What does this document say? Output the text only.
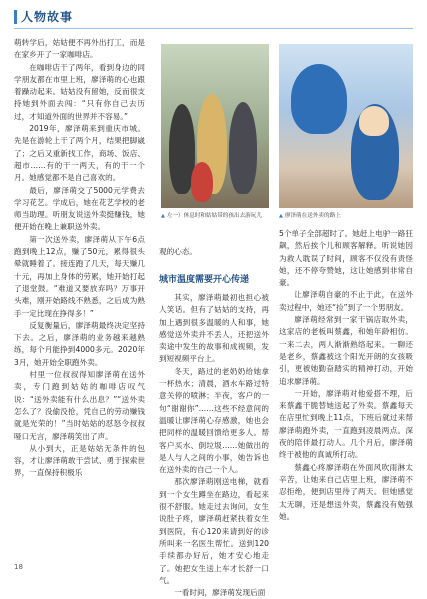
人物故事

萌转学后，姑姑便不再外出打工，而是在家乡开了一家咖啡店。

在咖啡店干了两年，看到身边的同学朋友都在市里上班，廖泽萌的心也跟着躁动起来。姑姑没有留她，反而很支持她到外面去闯：“只有你自己去历过，才知道外面的世界并不容易。”

2019年，廖泽萌来到重庆市城。先是在游轮上干了两个月，结果把脚崴了；之后又重新找工作，商场、饭店、超市……有的干一两天，有的干一个月。她感觉都不是自己喜欢的。

最后，廖泽萌交了5000元学费去学习花艺。学成后，她在花艺学校的老师当助理。听朋友说送外卖挺赚钱，她便开始在晚上兼职送外卖。

第一次送外卖，廖泽萌从下午6点跑到晚上12点，赚了50元，累得很头晕就睡着了。接连跑了几天，每天赚几十元，再加上身体的劳累，她开始打起了退堂鼓。“难道又要放弃吗？万事开头难，刚开始路线不熟悉，之后成为熟手一定比现在挣得多！”

反复衡量后，廖泽萌最终决定坚持下去。之后，廖泽萌的业务越来越熟练，每个月能挣到4000多元。2020年3月，她开始全职跑外卖。

村里一位叔叔得知廖泽萌在送外卖，专门跑到姑姑的咖啡店叹气说：“送外卖能有什么出息？”“送外卖怎么了？没偷没抢，凭自己的劳动赚钱就是光荣的！”当时姑姑的怼怒令叔叔哑口无言，廖泽萌笑出了声。

从小到大，正是姑姑无条件的包容，才让廖泽萌敢于尝试、勇于探索世界，一直保持积极乐

▲ 左一）休息时和姑姑带的孩出去游玩儿	▲ 廖泽萌在送外卖的路上

观的心态。

城市温度需要开心传递

其实，廖泽萌最初也担心被人笑话。但有了姑姑的支持，再加上遇到很多温暖的人和事，她感觉送外卖并不丢人，还把送外卖途中发生的故事和成视频，发到短视频平台上。

冬天，路过的老奶奶给她拿一杯热水；清晨，酒水车路过特意关停的喷淋；半夜，客户的一句“谢谢你”……这些不经意间的温暖让廖泽萌心存感激，她也会把同样的温暖回馈给更多人。帮客户买水、倒垃圾……她做出的是人与人之间的小事，她告诉也在送外卖的自己一个人。

那次廖泽萌刚送电梯，就看到一个女生蹲坐在路边，看起来很不舒服。她走过去询问，女生说肚子疼，廖泽萌赶紧扶着女生到医院，有心120来请到好的诊所叫来一名医生帮忙。送到120手续都办好后，她才安心地走了。她把女生送上车才长舒一口气。

一看时间，廖泽萌发现后面

5个单子全部超时了。她赶上电驴一路狂飙，然后挨个儿和顾客解释。听说她因为救人耽误了时间，顾客不仅没有责怪她，还不停夸赞她，这让她感到非常自豪。

让廖泽萌自豪的不止于此，在送外卖过程中，她还“捡”到了一个男朋友。

廖泽萌经常到一家干锅店取外卖，这家店的老板叫蔡鑫，和她年龄相仿。一来二去，两人渐渐熟络起来。一聊还是老乡，蔡鑫被这个阳光开朗的女孩吸引，更被她勤奋踏实的精神打动，开始追求廖泽萌。

一开始，廖泽萌对他爱搭不理，后来蔡鑫干脆替她送起了外卖。蔡鑫每天在店里忙到晚上11点，下班后就过来帮廖泽萌跑外卖，一直跑到凌晨两点。深夜的陪伴最打动人。几个月后，廖泽萌终于被他的真诚所打动。

蔡鑫心疼廖泽萌在外面风吹雨淋太辛苦，让她来自己店里上班，廖泽萌不忍拒绝，便到店里待了两天。但她感觉太无聊，还是想送外卖，蔡鑫没有勉强她。

18
